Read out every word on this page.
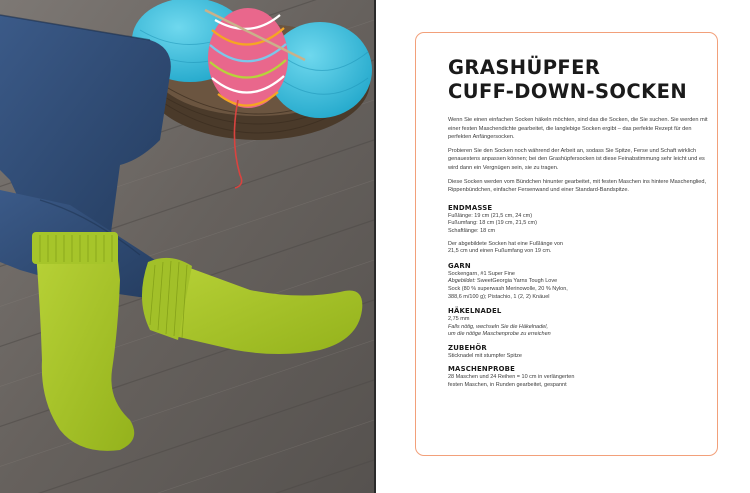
GRASHÜPFER
CUFF-DOWN-SOCKEN

Wenn Sie einen einfachen Socken häkeln möchten, sind das die Socken, die Sie suchen. Sie werden mit einer festen Maschendichte gearbeitet, die langlebige Socken ergibt – das perfekte Rezept für den perfekten Anfängersocken.

Probieren Sie den Socken noch während der Arbeit an, sodass Sie Spitze, Ferse und Schaft wirklich genauestens anpassen können; bei den Grashüpfersocken ist diese Feinabstimmung sehr leicht und es wird dann ein Vergnügen sein, sie zu tragen.

Diese Socken werden vom Bündchen hinunter gearbeitet, mit festen Maschen ins hintere Maschenglied, Rippenbündchen, einfacher Fersenwand und einer Standard-Bandspitze.

ENDMASSE
Fußlänge: 19 cm (21,5 cm, 24 cm)
Fußumfang: 18 cm (19 cm, 21,5 cm)
Schaftlänge: 18 cm
Der abgebildete Socken hat eine Fußlänge von
21,5 cm und einen Fußumfang von 19 cm.
GARN
Sockengarn, #1 Super Fine
Abgebildet: SweetGeorgia Yarns Tough Love
Sock (80 % superwash Merinowolle, 20 % Nylon,
388,6 m/100 g); Pistachio, 1 (2, 2) Knäuel
HÄKELNADEL
2,75 mm
Falls nötig, wechseln Sie die Häkelnadel,
um die nötige Maschenprobe zu erreichen
ZUBEHÖR
Sticknadel mit stumpfer Spitze
MASCHENPROBE
28 Maschen und 24 Reihen = 10 cm in verlängerten
festen Maschen, in Runden gearbeitet, gespannt
